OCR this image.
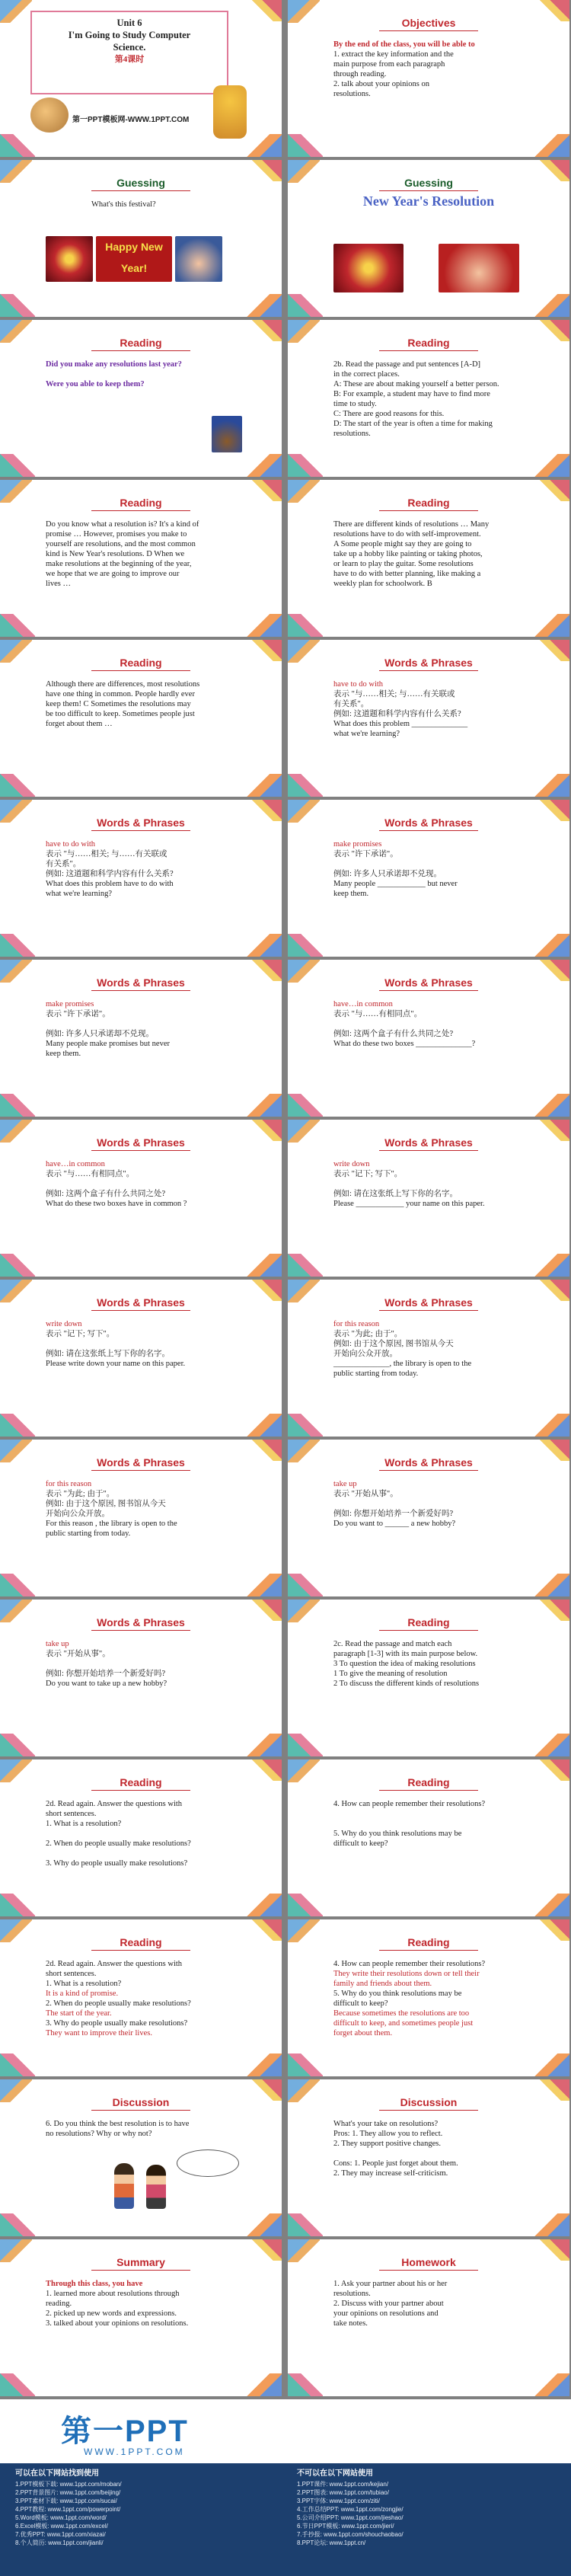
Unit 6
I'm Going to Study Computer
Science.
第4课时
第一PPT模板网-WWW.1PPT.COM
Objectives
By the end of the class, you will be able to
1. extract the key information and the
main purpose from each paragraph
through reading.
2. talk about your opinions on
resolutions.
Guessing
What's this festival?
Happy New Year!
Guessing
New Year's Resolution
Reading
Did you make any resolutions last year?

Were you able to keep them?
Reading
2b. Read the passage and put sentences [A-D]
in the correct places.
A: These are about making yourself a better person.
B: For example, a student may have to find more
time to study.
C: There are good reasons for this.
D: The start of the year is often a time for making
resolutions.
Reading
Do you know what a resolution is? It's a kind of
promise … However, promises you make to
yourself are resolutions, and the most common
kind is New Year's resolutions. D When we
make resolutions at the beginning of the year,
we hope that we are going to improve our
lives …
Reading
There are different kinds of resolutions … Many
resolutions have to do with self-improvement.
A Some people might say they are going to
take up a hobby like painting or taking photos,
or learn to play the guitar. Some resolutions
have to do with better planning, like making a
weekly plan for schoolwork. B
Reading
Although there are differences, most resolutions
have one thing in common. People hardly ever
keep them! C Sometimes the resolutions may
be too difficult to keep. Sometimes people just
forget about them …
Words & Phrases
have to do with
表示 "与……相关; 与……有关联或
有关系"。
例如: 这道题和科学内容有什么关系?
What does this problem ______________
what we're learning?
Words & Phrases
have to do with
表示 "与……相关; 与……有关联或
有关系"。
例如: 这道题和科学内容有什么关系?
What does this problem have to do with
what we're learning?
Words & Phrases
make promises
表示 "许下承诺"。

例如: 许多人只承诺却不兑现。
Many people ____________ but never
keep them.
Words & Phrases
make promises
表示 "许下承诺"。

例如: 许多人只承诺却不兑现。
Many people make promises but never
keep them.
Words & Phrases
have…in common
表示 "与……有相同点"。

例如: 这两个盒子有什么共同之处?
What do these two boxes ______________?
Words & Phrases
have…in common
表示 "与……有相同点"。

例如: 这两个盒子有什么共同之处?
What do these two boxes have in common ?
Words & Phrases
write down
表示 "记下; 写下"。

例如: 请在这张纸上写下你的名字。
Please ____________ your name on this paper.
Words & Phrases
write down
表示 "记下; 写下"。

例如: 请在这张纸上写下你的名字。
Please write down your name on this paper.
Words & Phrases
for this reason
表示 "为此; 由于"。
例如: 由于这个原因, 图书馆从今天
开始向公众开放。
______________, the library is open to the
public starting from today.
Words & Phrases
for this reason
表示 "为此; 由于"。
例如: 由于这个原因, 图书馆从今天
开始向公众开放。
For this reason , the library is open to the
public starting from today.
Words & Phrases
take up
表示 "开始从事"。

例如: 你想开始培养一个新爱好吗?
Do you want to ______ a new hobby?
Words & Phrases
take up
表示 "开始从事"。

例如: 你想开始培养一个新爱好吗?
Do you want to take up a new hobby?
Reading
2c. Read the passage and match each
paragraph [1-3] with its main purpose below.
3 To question the idea of making resolutions
1 To give the meaning of resolution
2 To discuss the different kinds of resolutions
Reading
2d. Read again. Answer the questions with
short sentences.
1. What is a resolution?

2. When do people usually make resolutions?

3. Why do people usually make resolutions?
Reading
4. How can people remember their resolutions?

5. Why do you think resolutions may be
difficult to keep?
Reading
2d. Read again. Answer the questions with
short sentences.
1. What is a resolution?
It is a kind of promise.
2. When do people usually make resolutions?
The start of the year.
3. Why do people usually make resolutions?
They want to improve their lives.
Reading
4. How can people remember their resolutions?
They write their resolutions down or tell their
family and friends about them.
5. Why do you think resolutions may be
difficult to keep?
Because sometimes the resolutions are too
difficult to keep, and sometimes people just
forget about them.
Discussion
6. Do you think the best resolution is to have
no resolutions? Why or why not?
Discussion
What's your take on resolutions?
Pros: 1. They allow you to reflect.
2. They support positive changes.

Cons: 1. People just forget about them.
2. They may increase self-criticism.
Summary
Through this class, you have
1. learned more about resolutions through
reading.
2. picked up new words and expressions.
3. talked about your opinions on resolutions.
Homework
1. Ask your partner about his or her
resolutions.
2. Discuss with your partner about
your opinions on resolutions and
take notes.
第一PPT
WWW.1PPT.COM
可以在以下网站找到使用
1.PPT模板下载: www.1ppt.com/moban/
2.PPT背景图片: www.1ppt.com/beijing/
3.PPT素材下载: www.1ppt.com/sucai/
4.PPT教程: www.1ppt.com/powerpoint/
5.Word模板: www.1ppt.com/word/
6.Excel模板: www.1ppt.com/excel/
7.优秀PPT: www.1ppt.com/xiazai/
8.个人简历: www.1ppt.com/jianli/
不可以在以下网站使用
1.PPT课件: www.1ppt.com/kejian/
2.PPT图表: www.1ppt.com/tubiao/
3.PPT字体: www.1ppt.com/ziti/
4.工作总结PPT: www.1ppt.com/zongjie/
5.公司介绍PPT: www.1ppt.com/jieshao/
6.节日PPT模板: www.1ppt.com/jieri/
7.手抄报: www.1ppt.com/shouchaobao/
8.PPT论坛: www.1ppt.cn/
